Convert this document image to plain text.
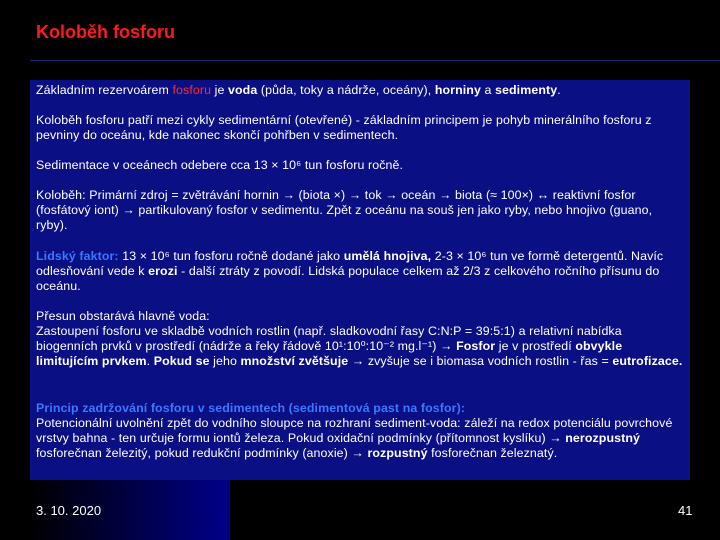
Koloběh fosforu
Základním rezervoárem fosforu je voda (půda, toky a nádrže, oceány), horniny a sedimenty.
Koloběh fosforu patří mezi cykly sedimentární (otevřené) - základním principem je pohyb minerálního fosforu z pevniny do oceánu, kde nakonec skončí pohřben v sedimentech.
Sedimentace v oceánech odebere cca 13 × 10⁶ tun fosforu ročně.
Koloběh: Primární zdroj = zvětrávání hornin → (biota ×) → tok → oceán → biota (≈ 100×) ↔ reaktivní fosfor (fosfátový iont) → partikulovaný fosfor v sedimentu. Zpět z oceánu na souš jen jako ryby, nebo hnojivo (guano, ryby).
Lidský faktor: 13 × 10⁶ tun fosforu ročně dodané jako umělá hnojiva, 2-3 × 10⁶ tun ve formě detergentů. Navíc odlesňování vede k erozi - další ztráty z povodí. Lidská populace celkem až 2/3 z celkového ročního přísunu do oceánu.
Přesun obstarává hlavně voda:
Zastoupení fosforu ve skladbě vodních rostlin (např. sladkovodní řasy C:N:P = 39:5:1) a relativní nabídka biogenních prvků v prostředí (nádrže a řeky řádově 10¹:10⁰:10⁻² mg.l⁻¹) → Fosfor je v prostředí obvykle limitujícím prvkem. Pokud se jeho množství zvětšuje → zvyšuje se i biomasa vodních rostlin - řas = eutrofizace.
Princip zadržování fosforu v sedimentech (sedimentová past na fosfor):
Potencionální uvolnění zpět do vodního sloupce na rozhraní sediment-voda: záleží na redox potenciálu povrchové vrstvy bahna - ten určuje formu iontů železa. Pokud oxidační podmínky (přítomnost kyslíku) → nerozpustný fosforečnan železitý, pokud redukční podmínky (anoxie) → rozpustný fosforečnan železnatý.
3. 10. 2020	41
